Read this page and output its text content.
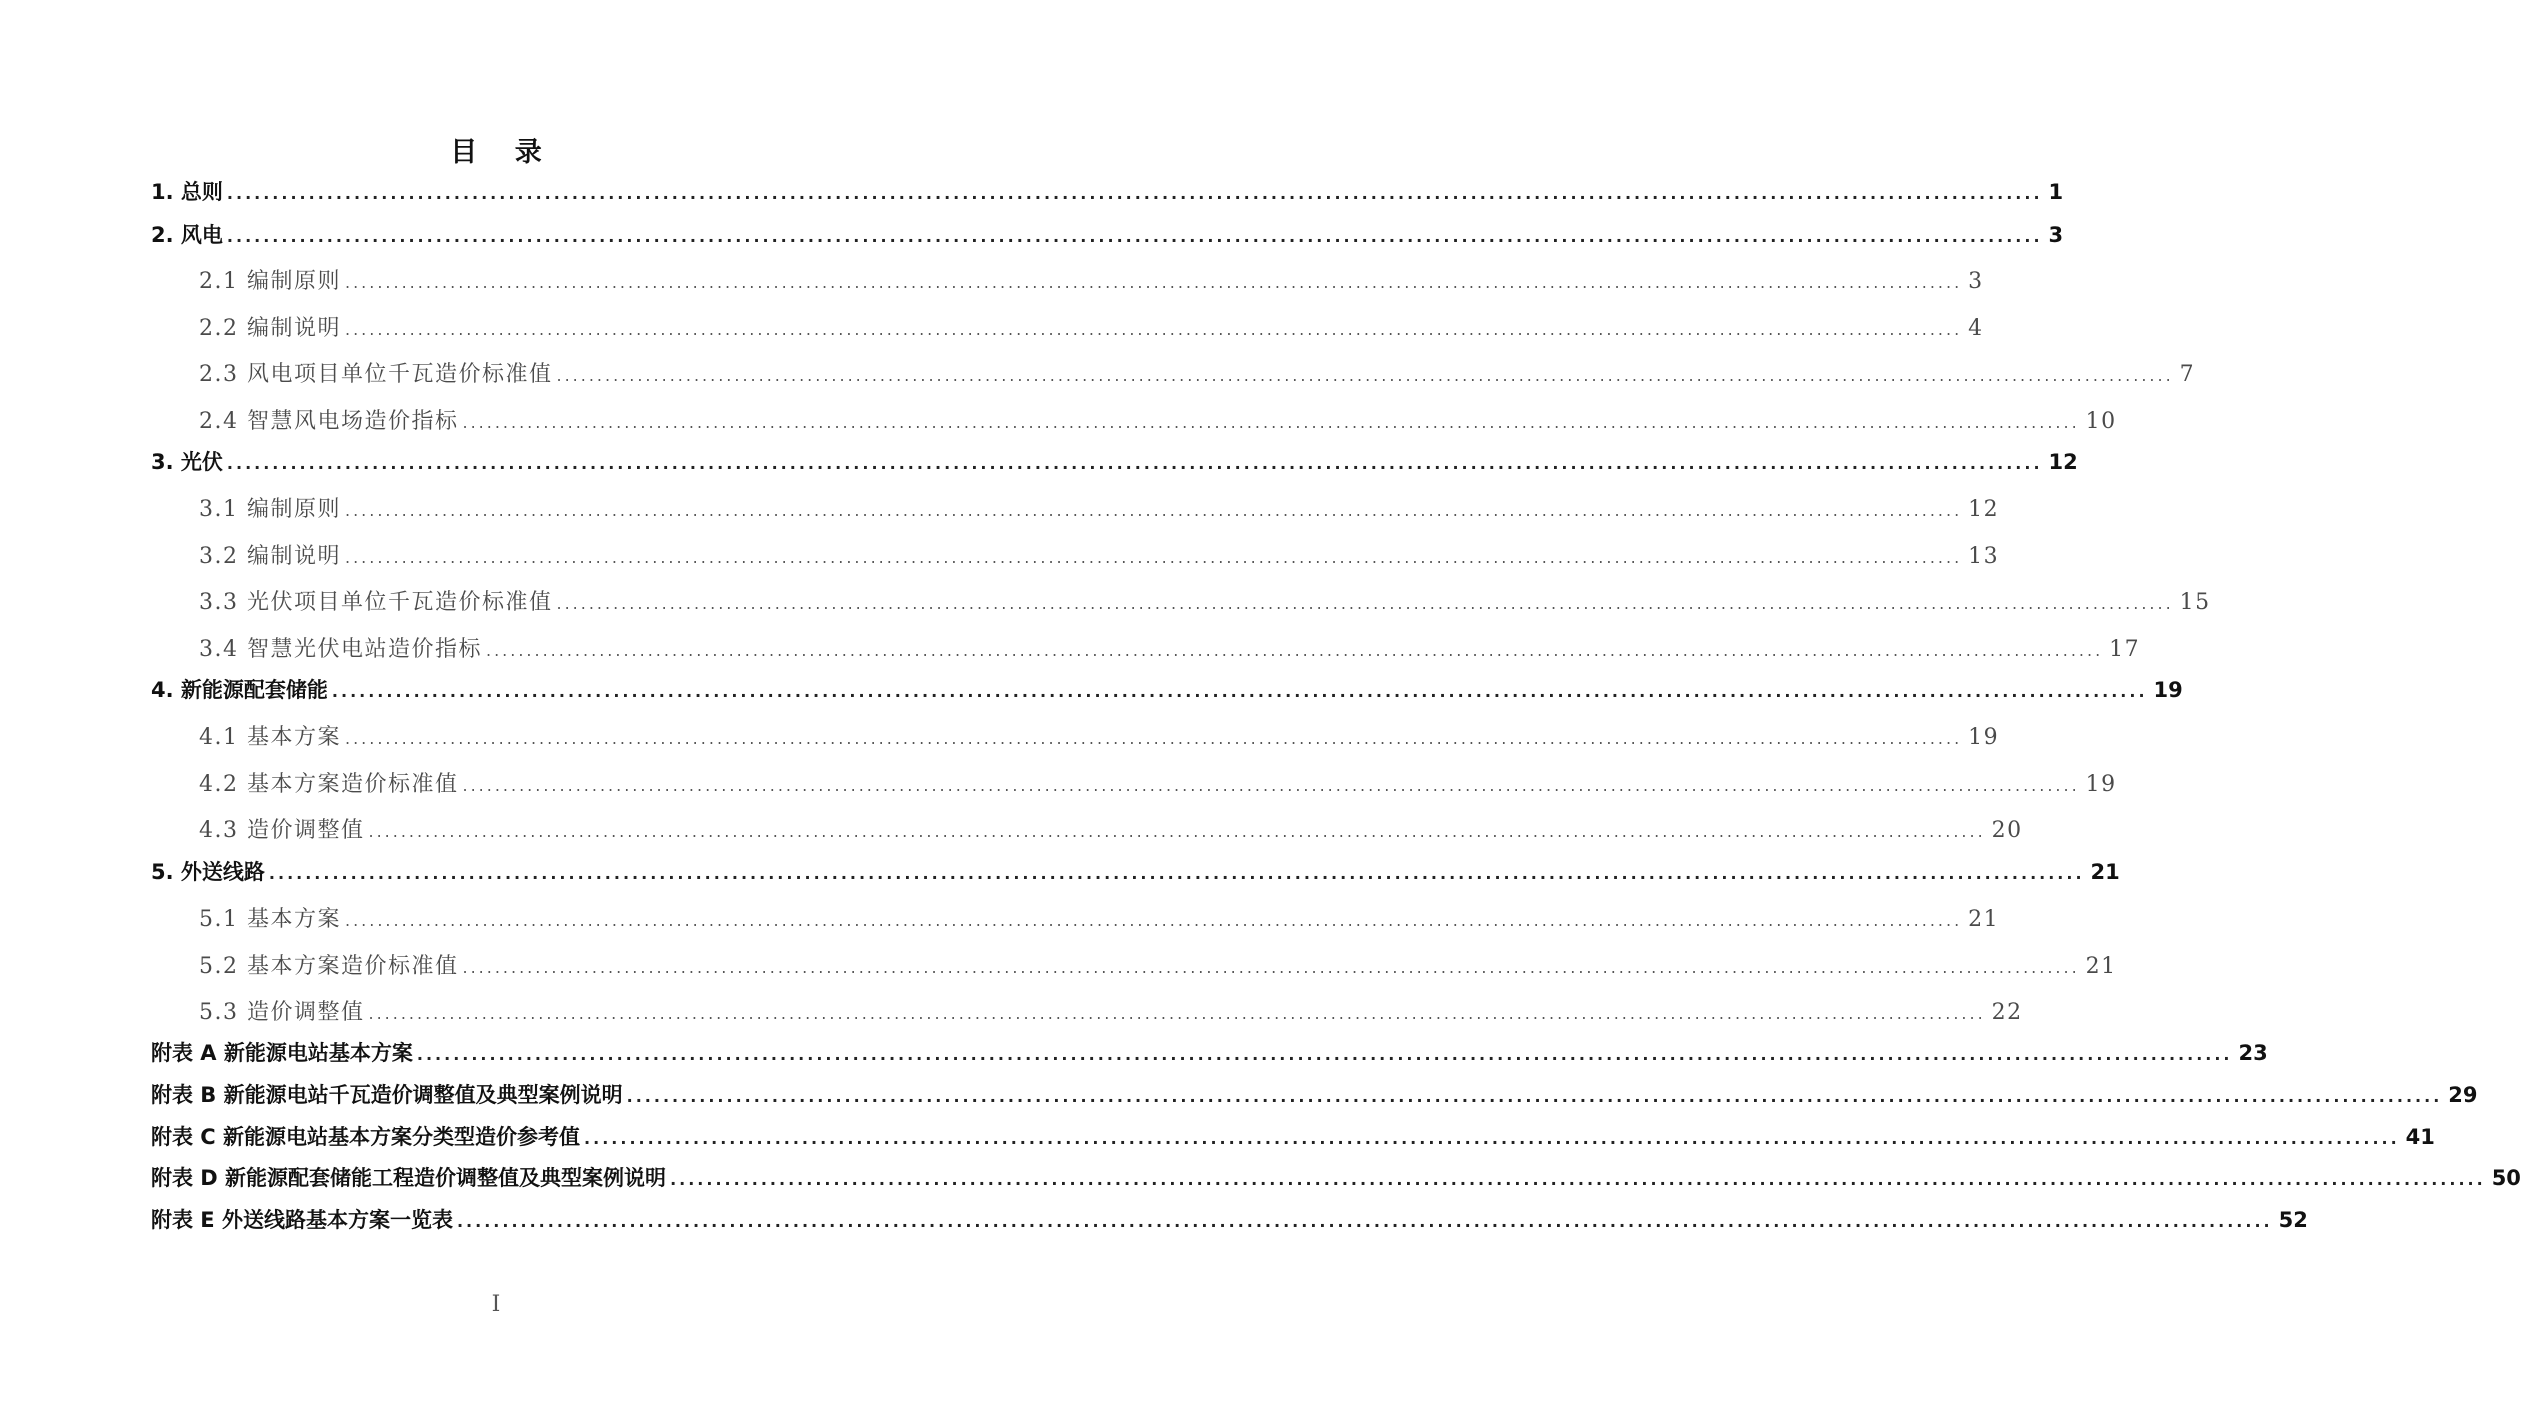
目 录
1. 总则 ........................................................................................................................................................................................................ 1
2. 风电 ........................................................................................................................................................................................................ 3
2.1 编制原则 ........................................................................................................................................................................................................ 3
2.2 编制说明 ........................................................................................................................................................................................................ 4
2.3 风电项目单位千瓦造价标准值 ........................................................................................................................................................................................................ 7
2.4 智慧风电场造价指标 ........................................................................................................................................................................................................ 10
3. 光伏 ........................................................................................................................................................................................................ 12
3.1 编制原则 ........................................................................................................................................................................................................ 12
3.2 编制说明 ........................................................................................................................................................................................................ 13
3.3 光伏项目单位千瓦造价标准值 ........................................................................................................................................................................................................ 15
3.4 智慧光伏电站造价指标 ........................................................................................................................................................................................................ 17
4. 新能源配套储能 ........................................................................................................................................................................................................ 19
4.1 基本方案 ........................................................................................................................................................................................................ 19
4.2 基本方案造价标准值 ........................................................................................................................................................................................................ 19
4.3 造价调整值 ........................................................................................................................................................................................................ 20
5. 外送线路 ........................................................................................................................................................................................................ 21
5.1 基本方案 ........................................................................................................................................................................................................ 21
5.2 基本方案造价标准值 ........................................................................................................................................................................................................ 21
5.3 造价调整值 ........................................................................................................................................................................................................ 22
附表 A 新能源电站基本方案 ........................................................................................................................................................................................................ 23
附表 B 新能源电站千瓦造价调整值及典型案例说明 ........................................................................................................................................................................................................ 29
附表 C 新能源电站基本方案分类型造价参考值 ........................................................................................................................................................................................................ 41
附表 D 新能源配套储能工程造价调整值及典型案例说明 ........................................................................................................................................................................................................ 50
附表 E 外送线路基本方案一览表 ........................................................................................................................................................................................................ 52
I
